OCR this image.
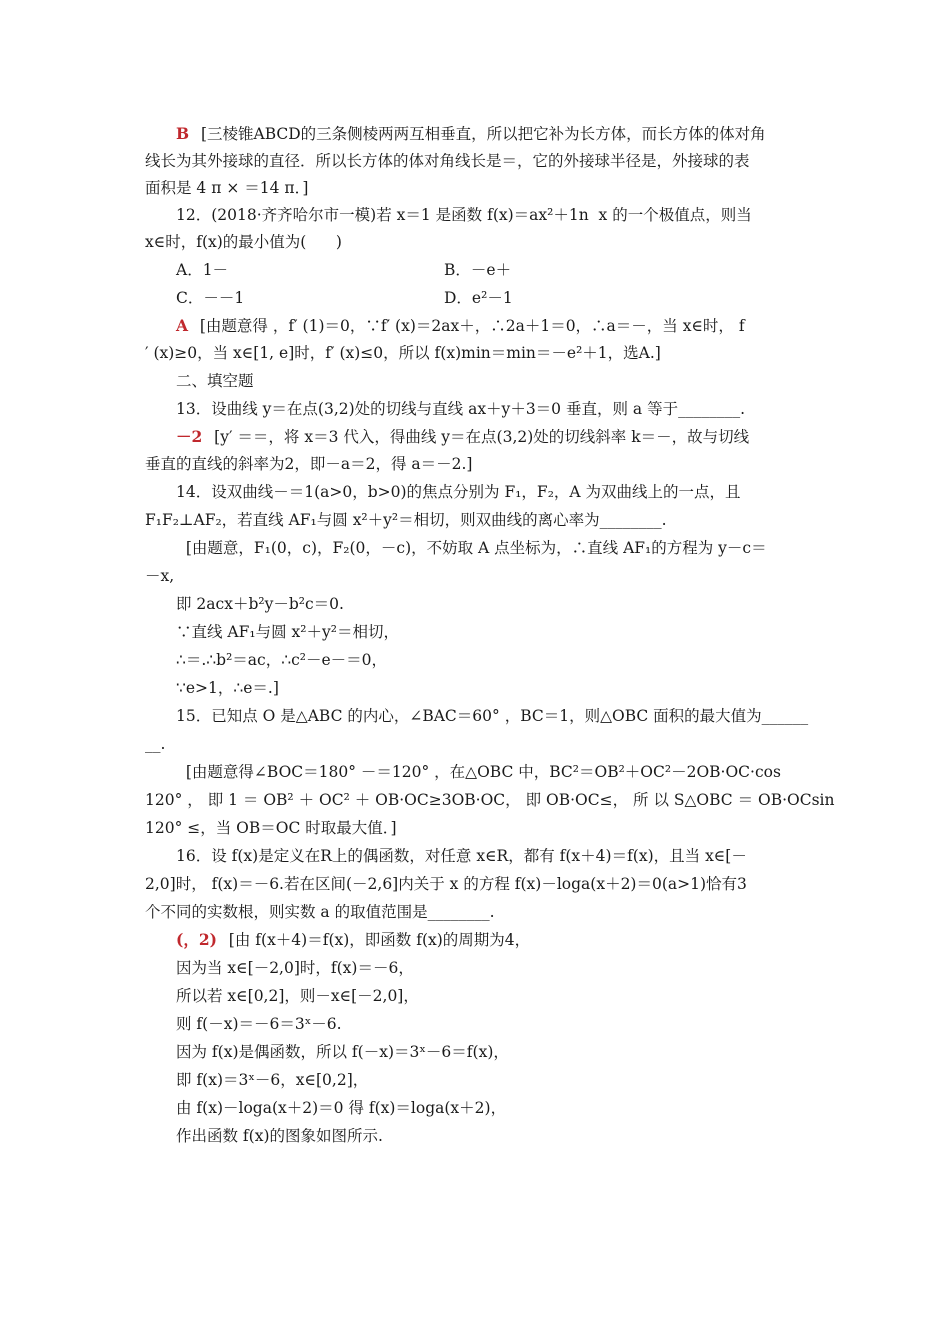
B  [三棱锥ABCD的三条侧棱两两互相垂直，所以把它补为长方体，而长方体的体对角
线长为其外接球的直径．所以长方体的体对角线长是＝，它的外接球半径是，外接球的表
面积是 4 π × ＝14 π．]
12．(2018·齐齐哈尔市一模)若 x＝1 是函数 f(x)＝ax²＋1n  x 的一个极值点，则当
x∈时，f(x)的最小值为(      )
A．1－	B．－e＋
C．－－1	D．e²－1
A  [由题意得 ，f′ (1)＝0，∵f′ (x)＝2ax＋，∴2a＋1＝0，∴a＝－，当 x∈时， f
′ (x)≥0，当 x∈[1, e]时，f′ (x)≤0，所以 f(x)min＝min＝－e²＋1，选A.]
二、填空题
13．设曲线 y＝在点(3,2)处的切线与直线 ax＋y＋3＝0 垂直，则 a 等于________.
－2  [y′ ＝＝，将 x＝3 代入，得曲线 y＝在点(3,2)处的切线斜率 k＝－，故与切线
垂直的直线的斜率为2，即－a＝2，得 a＝－2.]
14．设双曲线－＝1(a>0，b>0)的焦点分别为 F₁，F₂，A 为双曲线上的一点，且
F₁F₂⊥AF₂，若直线 AF₁与圆 x²＋y²＝相切，则双曲线的离心率为________.
[由题意，F₁(0，c)，F₂(0，－c)，不妨取 A 点坐标为，∴直线 AF₁的方程为 y－c＝
－x,
即 2acx＋b²y－b²c＝0.
∵直线 AF₁与圆 x²＋y²＝相切，
∴＝.∴b²＝ac，∴c²－e－＝0，
∵e>1，∴e＝.]
15．已知点 O 是△ABC 的内心，∠BAC＝60° ，BC＝1，则△OBC 面积的最大值为______
__.
[由题意得∠BOC＝180° －＝120° ，在△OBC 中，BC²＝OB²＋OC²－2OB·OC·cos
120° ， 即 1 ＝ OB² ＋ OC² ＋ OB·OC≥3OB·OC， 即 OB·OC≤， 所 以 S△OBC ＝ OB·OCsin
120° ≤，当 OB＝OC 时取最大值．]
16．设 f(x)是定义在R上的偶函数，对任意 x∈R，都有 f(x＋4)＝f(x)，且当 x∈[－
2,0]时， f(x)＝－6.若在区间(－2,6]内关于 x 的方程 f(x)－loga(x＋2)＝0(a>1)恰有3
个不同的实数根，则实数 a 的取值范围是________.
(，2)  [由 f(x＋4)＝f(x)，即函数 f(x)的周期为4，
因为当 x∈[－2,0]时，f(x)＝－6，
所以若 x∈[0,2]，则－x∈[－2,0]，
则 f(－x)＝－6＝3ˣ－6.
因为 f(x)是偶函数，所以 f(－x)＝3ˣ－6＝f(x)，
即 f(x)＝3ˣ－6，x∈[0,2]，
由 f(x)－loga(x＋2)＝0 得 f(x)＝loga(x＋2)，
作出函数 f(x)的图象如图所示.
